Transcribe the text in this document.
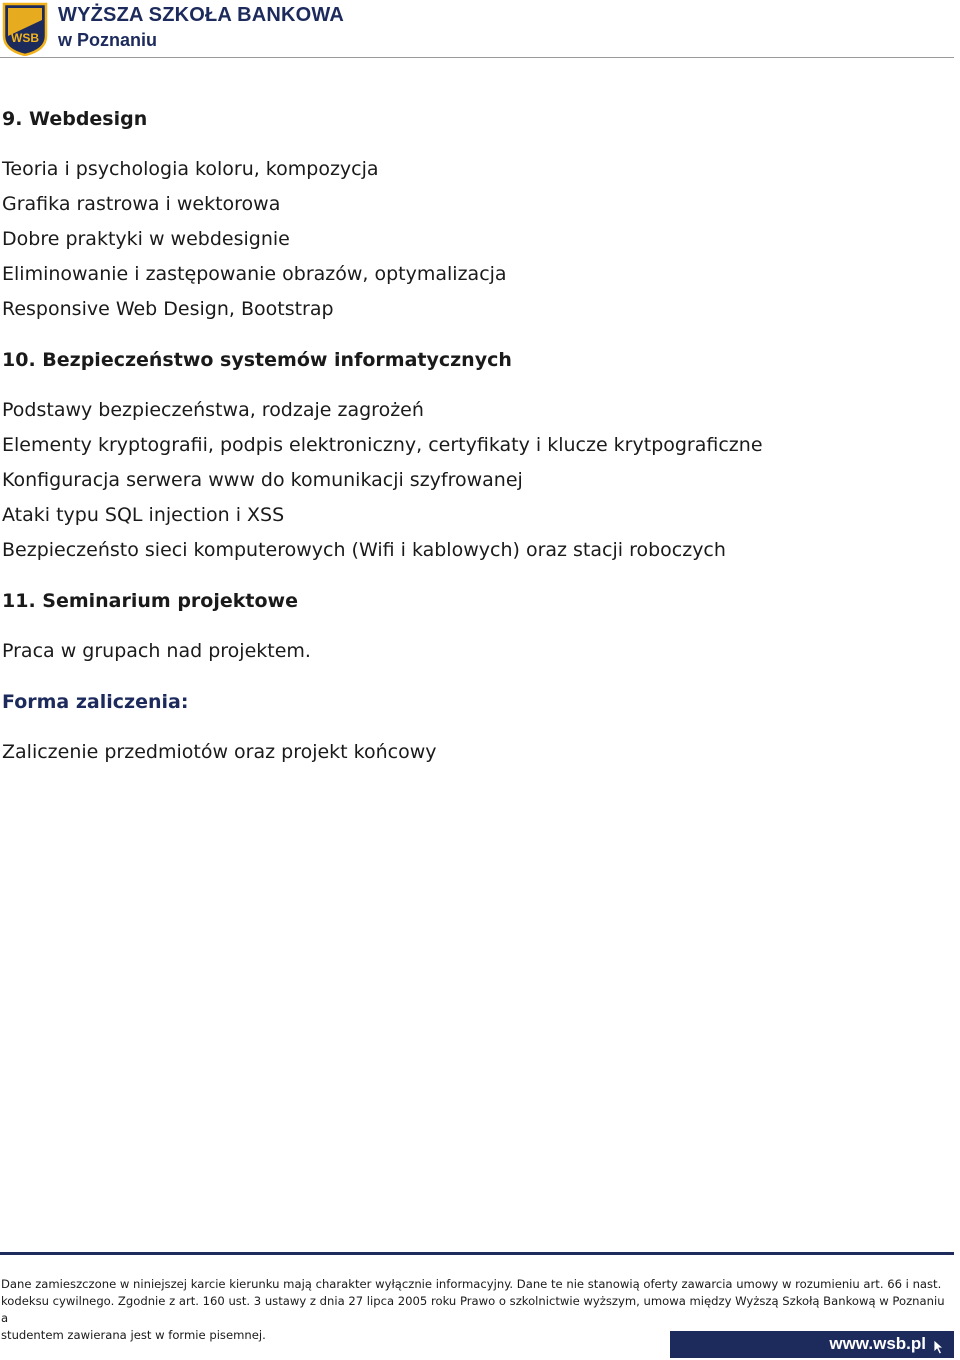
WSB
WYŻSZA SZKOŁA BANKOWA
w Poznaniu

9. Webdesign

Teoria i psychologia koloru, kompozycja

Grafika rastrowa i wektorowa

Dobre praktyki w webdesignie

Eliminowanie i zastępowanie obrazów, optymalizacja

Responsive Web Design, Bootstrap

10. Bezpieczeństwo systemów informatycznych

Podstawy bezpieczeństwa, rodzaje zagrożeń

Elementy kryptografii, podpis elektroniczny, certyfikaty i klucze krytpograficzne

Konfiguracja serwera www do komunikacji szyfrowanej

Ataki typu SQL injection i XSS

Bezpieczeństo sieci komputerowych (Wifi i kablowych) oraz stacji roboczych

11. Seminarium projektowe

Praca w grupach nad projektem.

Forma zaliczenia:

Zaliczenie przedmiotów oraz projekt końcowy

Dane zamieszczone w niniejszej karcie kierunku mają charakter wyłącznie informacyjny. Dane te nie stanowią oferty zawarcia umowy w rozumieniu art. 66 i nast.
kodeksu cywilnego. Zgodnie z art. 160 ust. 3 ustawy z dnia 27 lipca 2005 roku Prawo o szkolnictwie wyższym, umowa między Wyższą Szkołą Bankową w Poznaniu a
studentem zawierana jest w formie pisemnej.	www.wsb.pl
